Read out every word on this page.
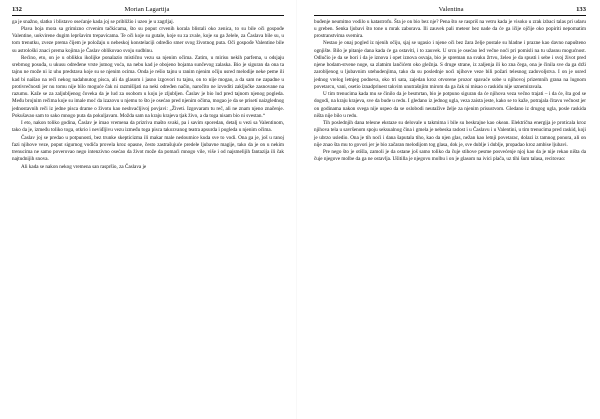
132	Morian Lagartija

ga je snažno, slatko i blistavo osećanje kada joj se približio i uzeo je u zagrljaj.

Plava boja mora sa grimizno crvenim tačkicama, što su poput crvenih korala blistali oko zenica, to su bile oči gospođe Valentine, uokvirene dugim lepršavim trepavicama. Te oči koje su gutale, koje su za zvale, koje su ga želele, za Časlava bile su, u tom trenutku, zveze prema čijem je položaju u nebeskoj konstelaciji određio smer svog životnog puta. Oči gospođe Valentine bile su astrološki znaci prema kojima je Časlav oblikovao svoju sudbinu.

Rećino, eto, on je u oblikku ikolijke ponalazio mističnu vezu sa njenim očima. Zatim, u mirisu nekih parfema, u odsjaju srebrnog posuđa, u ukusu određene vrste jutnog voća, na nebu kad je obojeno bojama sunčevog zalaska. Bio je siguran da ona ta tajnu ne može ni iz uhu predstava koje su se njenim ocima. Onda je rešio tajnu u ranim njenim očiju usred melodije neke peme ili kad bi naišao na reči nekog nadahnutog pisca, ali da glasom i jasno izgovori tu tajnu, on to nije mogao, a da sam ne zapadne u protivrečnosti jer nu tomu nije bilo moguće čak ni razmišljati na neki određen način, naročito ne izvoditi zaključke zasnovane na razumu. Kaže se za zaljubljenog čoveka da je lud za osobom u koju je zljubljen. Časlav je bio lud pred tajnom njenog pogleda. Među brojnim rečima koje su imale moć da izazovu u njemu to što je osećao pred njenim očima, mogao je da se prisetí naizglednog jednostavnih reči iz jedne pisca drame o životu kao neshvaćljivoj povjavi: „Živeti. Izgovaram tu reč, ali ne znam njeno značenje. Pokušavao sam to sako mnogo puta da pokuljavam. Možda sam na kraju krajeva tjak živo, a da toga nisam bio ni svestan.“

I eto, nakon toliko godina, Časlav je imao vremena da prizriva mašto svaki, pa i savim sporedan, detalj u vezi sa Valentinom, tako da je, između toliko toga, otkrio i neviđljivu vezu između toga pisca takozvanog teatra apsurda i pogleda u njenim očima.

Časlav joj se predao u potpunosti, bez trunke skepticizma ili makar male nedoumice kuda sve to vodi. Ona ga je, još u ranoj fazi njihove veze, poput sigurnog vodiča provela kroz opasne, često zastrašujuće predele ljubavne magije, tako da je on u nekim trenucima ne samo poverovao nego intenzivno osećao da život može da pomaći mnogo vile, više i od najsmelijih fantazija ili čak najtudnijih snova.

Ali kada se nakon nekog vremena san raspršio, za Časlava je

Valentina	133

buđenje neumitno vodilo u katastrofu. Šta je on bio bez nje? Pena što se raspriš na vetru kada je visoko u zrak izbaci talas pri udaru u greben. Senka ljubavi što tone u mrak zaborava. Ili zauvek pali meteor bez nade da će ga ičije ojčije oko popiriti nepomatim prostranstvima svemira.

Nestao je onaj pogled iz njenih očiju, sjaj se ugasio i njene oči bez žara želje postale su hladne i prazne kao davno napušteno ognjište. Bilo je pitanje dana kada će ga ostaviti, i to zauvek. U srcu je osećao led večne noći pri pomisli na tu užasnu mogućnost. Odlučio je da se bori i da je iznova i opet iznova osvaja, bio je spreman na svaku žrtvu, želeo je da spusti i sebe i svoj život pred njene bodam-stvene noge, sa zlatnim lančićem oko gležnja. S druge strane, iz zaljenja ili ko zna čega, ona je činila sve da ga drži zarobljenog u ljubavnim utehudenjima, tako da su poslednje noći njihove veze bili požari telesnog zadovoljstva. I on je usred jednog vrelog letnjeg podneva, oko tri sata, zajedan kroz otvorene prozor spavaće sobe u njihovoj prizemnih grana na lugnom povetarcu, vani, osetio iznadprinest takvim unutrašnjim mirom da ga čak ni misao o raskidu nije uznemiravala.

U tim trenucima kada mu se činilo da je besmrtan, bio je potpuno siguran da će njihova veza večno trajati – i da će, šta god se dogodi, na kraju krajeva, sve da bude u redu. I gledano iz jednog ugla, veza zaista jeste, kako se to kaže, potrajala čitavu večnost jer on godinama nakon svega nije uspeo da se oslobodi neutažive želje za njenim prisustvom. Gledano iz drugog ugla, posle raskida ništa nije bilo u redu.

Tih poslednjih dana telesne ekstaze su delovale u takmima i bile su beskrajne kao okean. Električna energija je proticala kroz njihova tela u savršenom spoju seksualnog čina i gmela je nebeska radost i u Časlavu i u Valentini, u tim trenucima pred raskid, koji je ubrzo usledio. Ona je tih noći i dana šaputala tiho, kao da njen glas, nežan kao letnji povetarac, dolazi iz tamnog ponora, ali on nije znao šta mu to govori jer je bio začaran melodijom tog glasa, dok je, sve dublje i dublje, propadao kroz ambise ljubavi.

Pre nego što je otišla, zamoli je da ostane još samo toliko da čuje stihove pesme posvećenje njoj kao da je nije rekao ništa da čuje njegove molbe da ga ne ostavlja. Ušitilla je njegovu molbu i on je glasom na ivici plača, uz tihi šum talasa, recitovao:
